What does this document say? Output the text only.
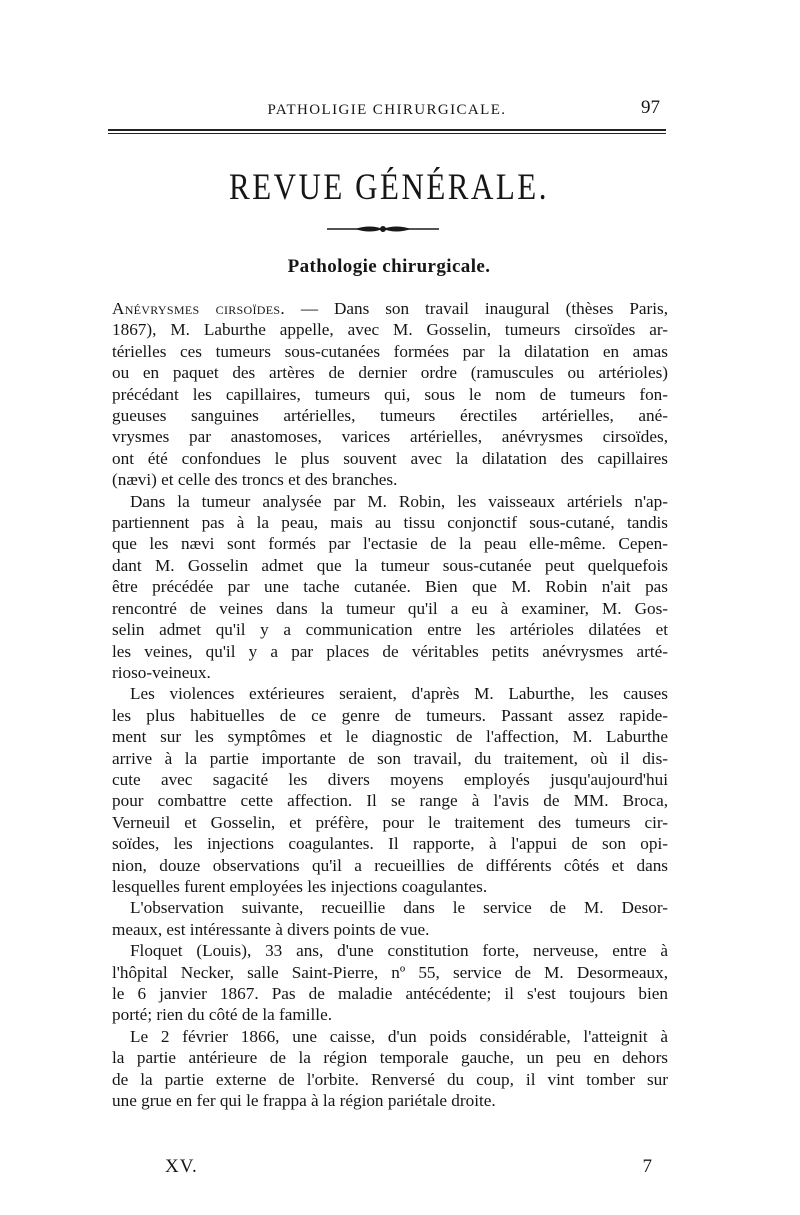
PATHOLIGIE CHIRURGICALE.	97
REVUE GÉNÉRALE.
Pathologie chirurgicale.

Anévrysmes cirsoïdes. — Dans son travail inaugural (thèses Paris,

1867), M. Laburthe appelle, avec M. Gosselin, tumeurs cirsoïdes ar-

térielles ces tumeurs sous-cutanées formées par la dilatation en amas

ou en paquet des artères de dernier ordre (ramuscules ou artérioles)

précédant les capillaires, tumeurs qui, sous le nom de tumeurs fon-

gueuses sanguines artérielles, tumeurs érectiles artérielles, ané-

vrysmes par anastomoses, varices artérielles, anévrysmes cirsoïdes,

ont été confondues le plus souvent avec la dilatation des capillaires

(nævi) et celle des troncs et des branches.

Dans la tumeur analysée par M. Robin, les vaisseaux artériels n'ap-

partiennent pas à la peau, mais au tissu conjonctif sous-cutané, tandis

que les nævi sont formés par l'ectasie de la peau elle-même. Cepen-

dant M. Gosselin admet que la tumeur sous-cutanée peut quelquefois

être précédée par une tache cutanée. Bien que M. Robin n'ait pas

rencontré de veines dans la tumeur qu'il a eu à examiner, M. Gos-

selin admet qu'il y a communication entre les artérioles dilatées et

les veines, qu'il y a par places de véritables petits anévrysmes arté-

rioso-veineux.

Les violences extérieures seraient, d'après M. Laburthe, les causes

les plus habituelles de ce genre de tumeurs. Passant assez rapide-

ment sur les symptômes et le diagnostic de l'affection, M. Laburthe

arrive à la partie importante de son travail, du traitement, où il dis-

cute avec sagacité les divers moyens employés jusqu'aujourd'hui

pour combattre cette affection. Il se range à l'avis de MM. Broca,

Verneuil et Gosselin, et préfère, pour le traitement des tumeurs cir-

soïdes, les injections coagulantes. Il rapporte, à l'appui de son opi-

nion, douze observations qu'il a recueillies de différents côtés et dans

lesquelles furent employées les injections coagulantes.

L'observation suivante, recueillie dans le service de M. Desor-

meaux, est intéressante à divers points de vue.

Floquet (Louis), 33 ans, d'une constitution forte, nerveuse, entre à

l'hôpital Necker, salle Saint-Pierre, nº 55, service de M. Desormeaux,

le 6 janvier 1867. Pas de maladie antécédente; il s'est toujours bien

porté; rien du côté de la famille.

Le 2 février 1866, une caisse, d'un poids considérable, l'atteignit à

la partie antérieure de la région temporale gauche, un peu en dehors

de la partie externe de l'orbite. Renversé du coup, il vint tomber sur

une grue en fer qui le frappa à la région pariétale droite.

XV.	7
